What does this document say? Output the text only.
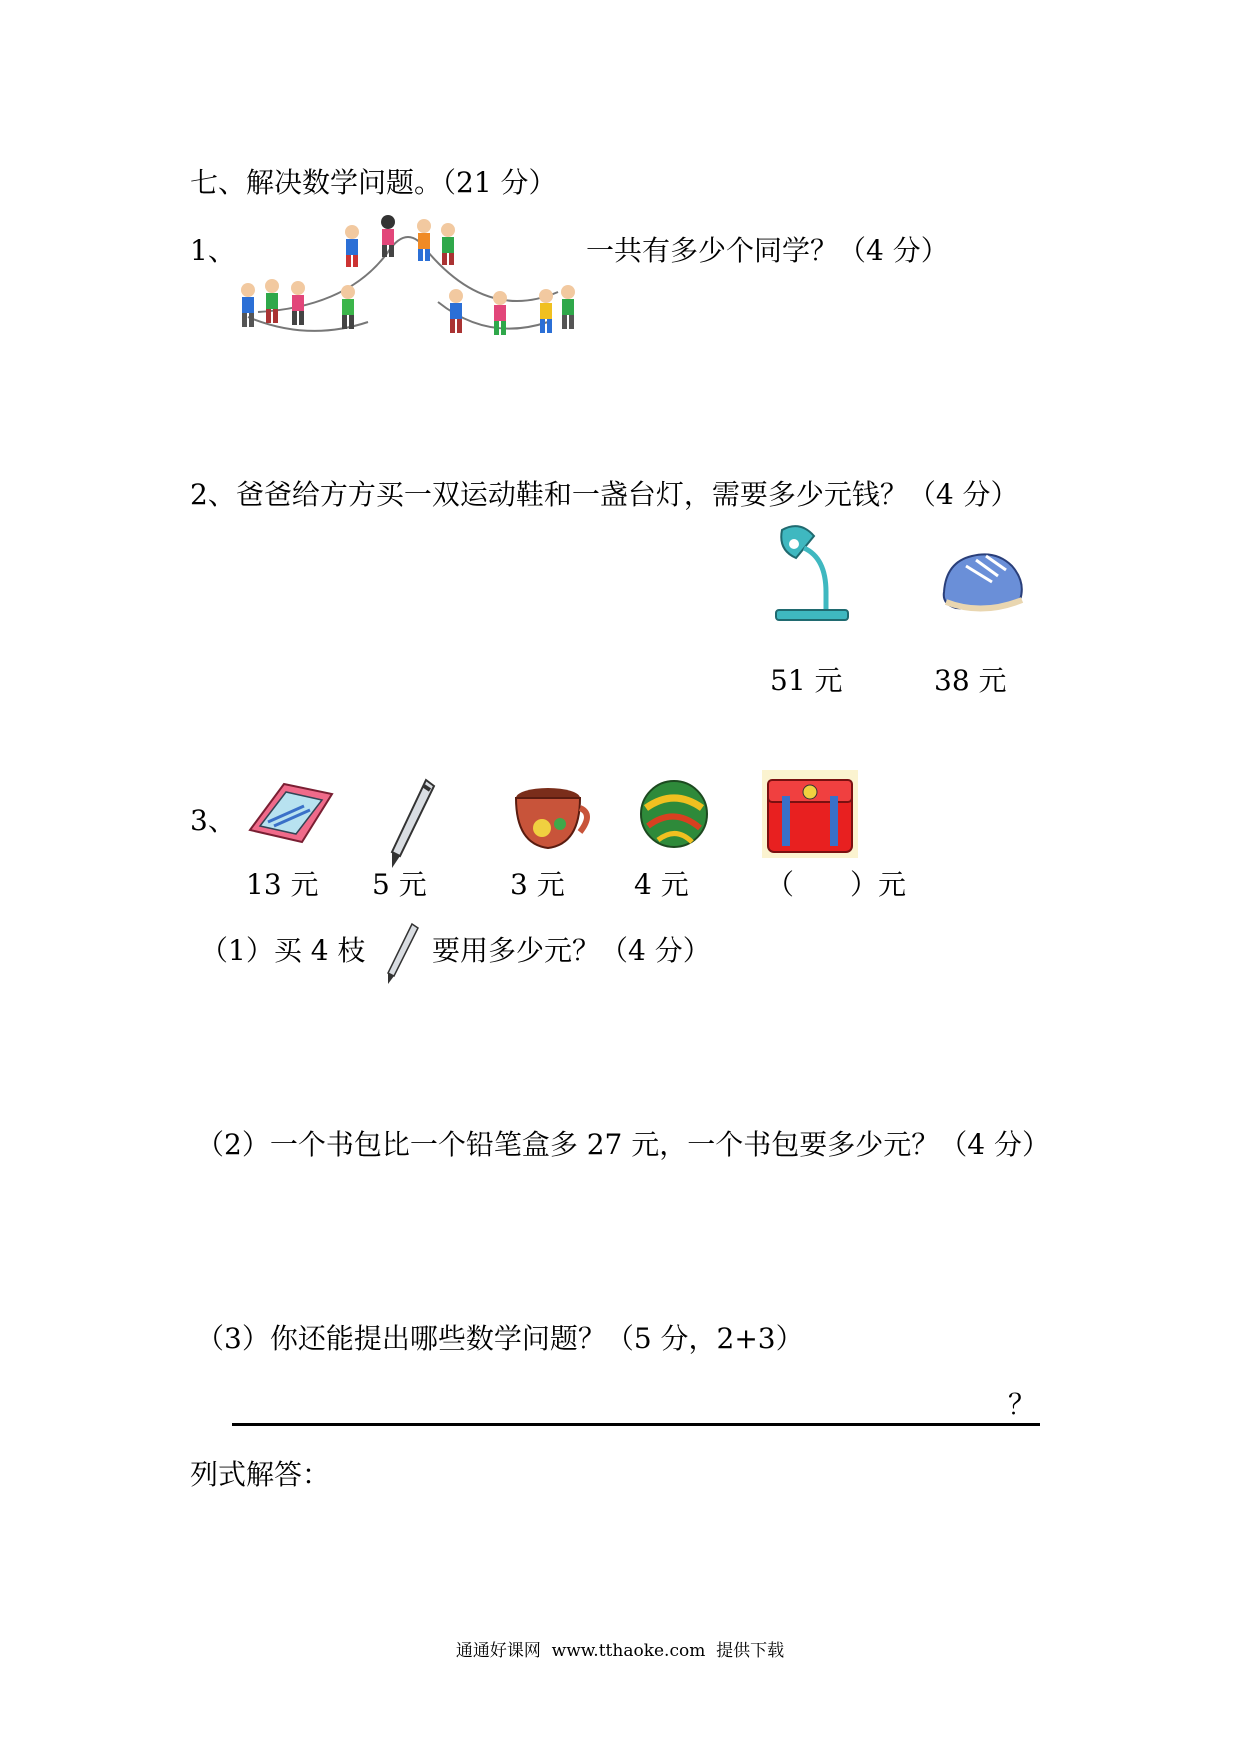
七、解决数学问题。（21 分）
1、	一共有多少个同学？（4 分）
2、爸爸给方方买一双运动鞋和一盏台灯，需要多少元钱？（4 分）
51 元	38 元
3、
13 元 5 元	3 元 4 元	（　　）元
（1）买 4 枝 要用多少元？（4 分）
（2）一个书包比一个铅笔盒多 27 元，一个书包要多少元？（4 分）
（3）你还能提出哪些数学问题？（5 分，2+3）
？
列式解答：
通通好课网  www.tthaoke.com  提供下载
